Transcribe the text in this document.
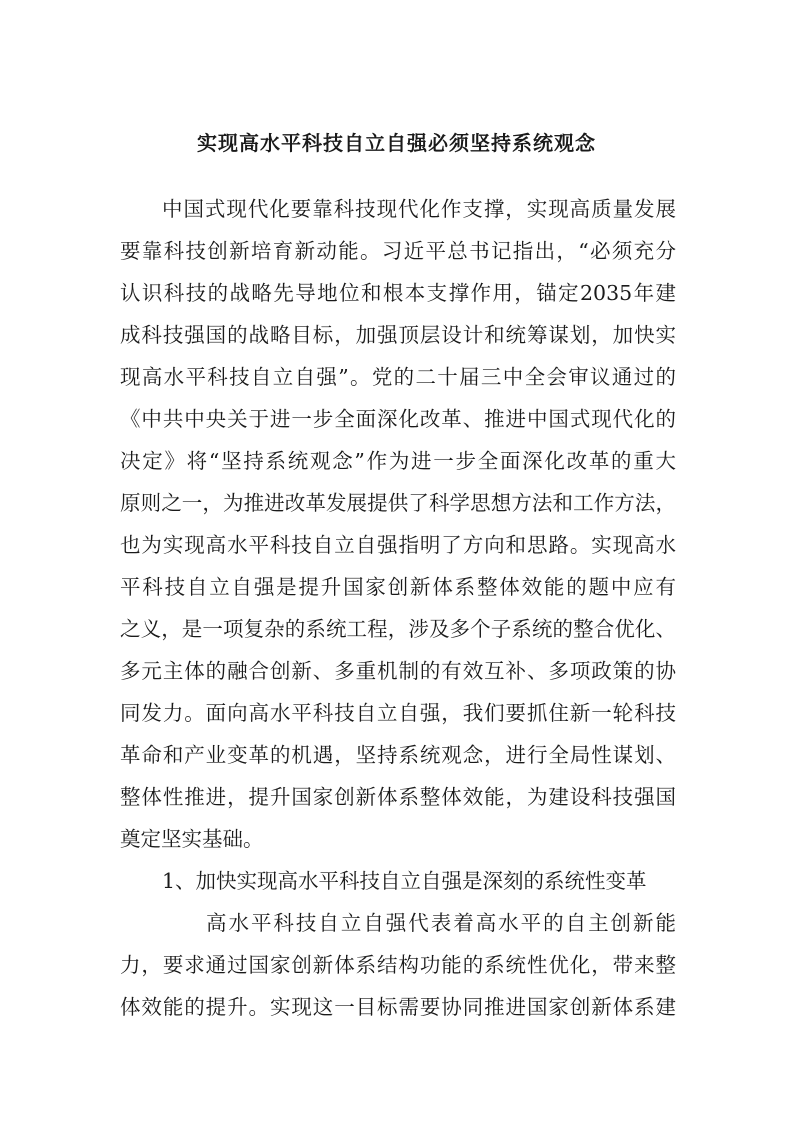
实现高水平科技自立自强必须坚持系统观念

中国式现代化要靠科技现代化作支撑，实现高质量发展

要靠科技创新培育新动能。习近平总书记指出，“必须充分

认识科技的战略先导地位和根本支撑作用，锚定2035年建

成科技强国的战略目标，加强顶层设计和统筹谋划，加快实

现高水平科技自立自强”。党的二十届三中全会审议通过的

《中共中央关于进一步全面深化改革、推进中国式现代化的

决定》将“坚持系统观念”作为进一步全面深化改革的重大

原则之一，为推进改革发展提供了科学思想方法和工作方法，

也为实现高水平科技自立自强指明了方向和思路。实现高水

平科技自立自强是提升国家创新体系整体效能的题中应有

之义，是一项复杂的系统工程，涉及多个子系统的整合优化、

多元主体的融合创新、多重机制的有效互补、多项政策的协

同发力。面向高水平科技自立自强，我们要抓住新一轮科技

革命和产业变革的机遇，坚持系统观念，进行全局性谋划、

整体性推进，提升国家创新体系整体效能，为建设科技强国

奠定坚实基础。

1、加快实现高水平科技自立自强是深刻的系统性变革

高水平科技自立自强代表着高水平的自主创新能

力，要求通过国家创新体系结构功能的系统性优化，带来整

体效能的提升。实现这一目标需要协同推进国家创新体系建
